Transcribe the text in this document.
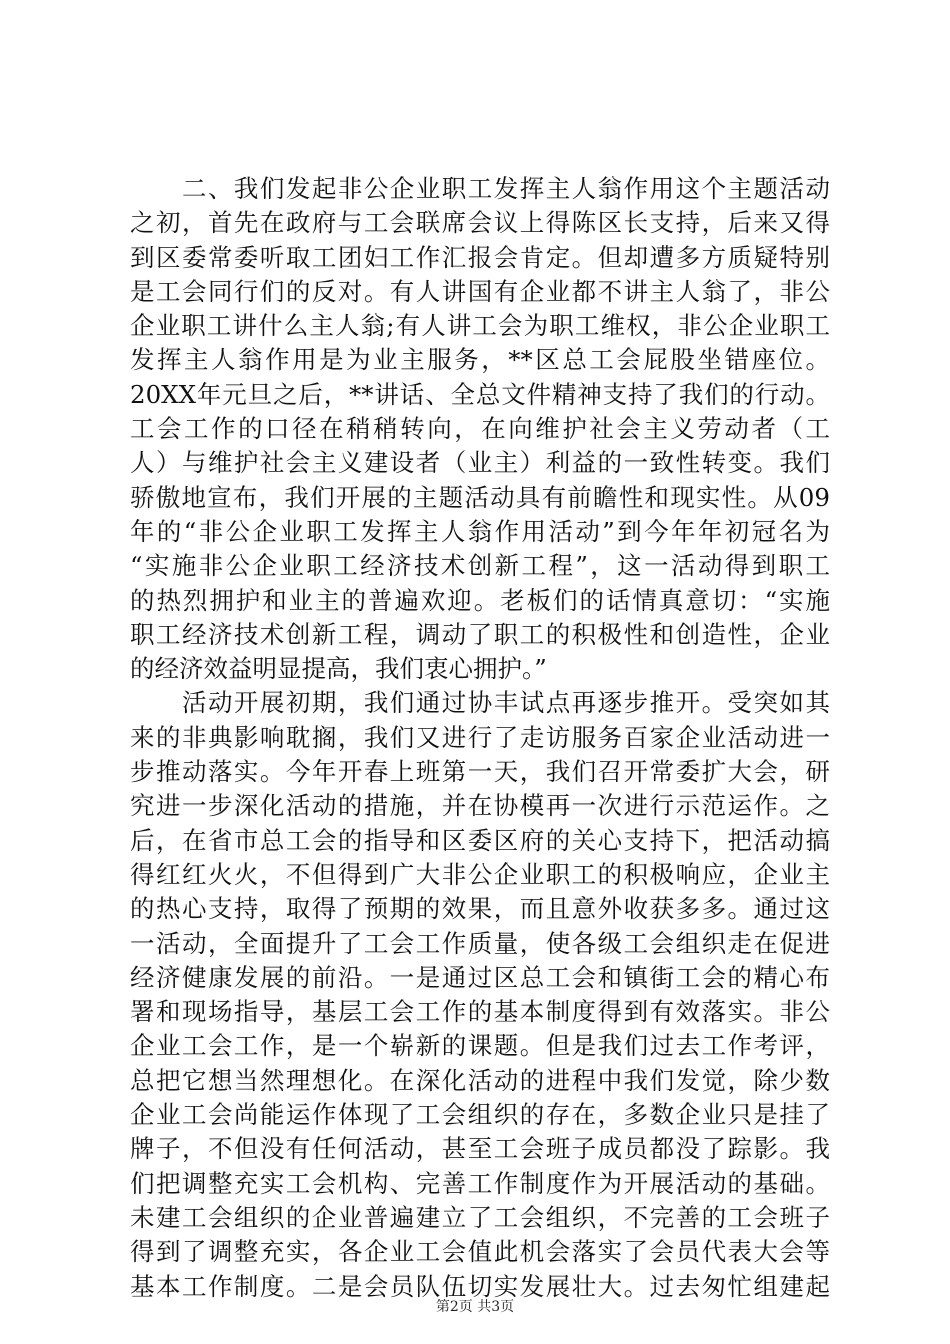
　　二、我们发起非公企业职工发挥主人翁作用这个主题活动
之初，首先在政府与工会联席会议上得陈区长支持，后来又得
到区委常委听取工团妇工作汇报会肯定。但却遭多方质疑特别
是工会同行们的反对。有人讲国有企业都不讲主人翁了，非公
企业职工讲什么主人翁;有人讲工会为职工维权，非公企业职工
发挥主人翁作用是为业主服务，**区总工会屁股坐错座位。
20XX年元旦之后，**讲话、全总文件精神支持了我们的行动。
工会工作的口径在稍稍转向，在向维护社会主义劳动者（工
人）与维护社会主义建设者（业主）利益的一致性转变。我们
骄傲地宣布，我们开展的主题活动具有前瞻性和现实性。从09
年的“非公企业职工发挥主人翁作用活动”到今年年初冠名为
“实施非公企业职工经济技术创新工程”，这一活动得到职工
的热烈拥护和业主的普遍欢迎。老板们的话情真意切：“实施
职工经济技术创新工程，调动了职工的积极性和创造性，企业
的经济效益明显提高，我们衷心拥护。”
　　活动开展初期，我们通过协丰试点再逐步推开。受突如其
来的非典影响耽搁，我们又进行了走访服务百家企业活动进一
步推动落实。今年开春上班第一天，我们召开常委扩大会，研
究进一步深化活动的措施，并在协模再一次进行示范运作。之
后，在省市总工会的指导和区委区府的关心支持下，把活动搞
得红红火火，不但得到广大非公企业职工的积极响应，企业主
的热心支持，取得了预期的效果，而且意外收获多多。通过这
一活动，全面提升了工会工作质量，使各级工会组织走在促进
经济健康发展的前沿。一是通过区总工会和镇街工会的精心布
署和现场指导，基层工会工作的基本制度得到有效落实。非公
企业工会工作，是一个崭新的课题。但是我们过去工作考评，
总把它想当然理想化。在深化活动的进程中我们发觉，除少数
企业工会尚能运作体现了工会组织的存在，多数企业只是挂了
牌子，不但没有任何活动，甚至工会班子成员都没了踪影。我
们把调整充实工会机构、完善工作制度作为开展活动的基础。
未建工会组织的企业普遍建立了工会组织，不完善的工会班子
得到了调整充实，各企业工会值此机会落实了会员代表大会等
基本工作制度。二是会员队伍切实发展壮大。过去匆忙组建起
第2页 共3页
